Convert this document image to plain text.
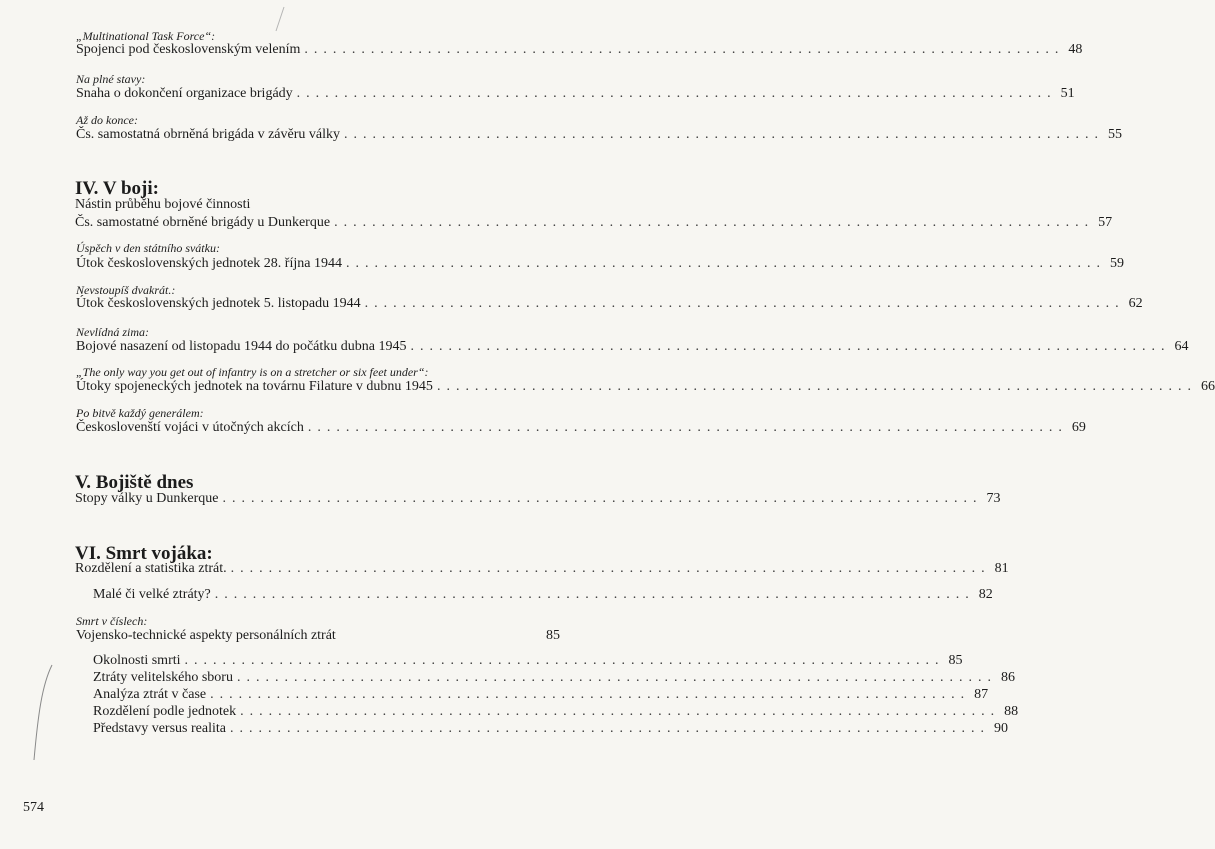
„Multinational Task Force“:
Spojenci pod československým velením ................................................................................ 48
Na plné stavy:
Snaha o dokončení organizace brigády ................................................................................ 51
Až do konce:
Čs. samostatná obrněná brigáda v závěru války ................................................................................ 55
IV. V boji:
Nástin průběhu bojové činnosti
Čs. samostatné obrněné brigády u Dunkerque ................................................................................ 57
Úspěch v den státního svátku:
Útok československých jednotek 28. října 1944 ................................................................................ 59
Nevstoupíš dvakrát.:
Útok československých jednotek 5. listopadu 1944 ................................................................................ 62
Nevlídná zima:
Bojové nasazení od listopadu 1944 do počátku dubna 1945 ................................................................................ 64
„The only way you get out of infantry is on a stretcher or six feet under“:
Útoky spojeneckých jednotek na továrnu Filature v dubnu 1945 ................................................................................ 66
Po bitvě každý generálem:
Českoslovenští vojáci v útočných akcích ................................................................................ 69
V. Bojiště dnes
Stopy války u Dunkerque ................................................................................ 73
VI. Smrt vojáka:
Rozdělení a statistika ztrát. ................................................................................ 81
Malé či velké ztráty? ................................................................................ 82
Smrt v číslech:
Vojensko-technické aspekty personálních ztrát	85
Okolnosti smrti ................................................................................ 85
Ztráty velitelského sboru ................................................................................ 86
Analýza ztrát v čase ................................................................................ 87
Rozdělení podle jednotek ................................................................................ 88
Představy versus realita ................................................................................ 90
574
